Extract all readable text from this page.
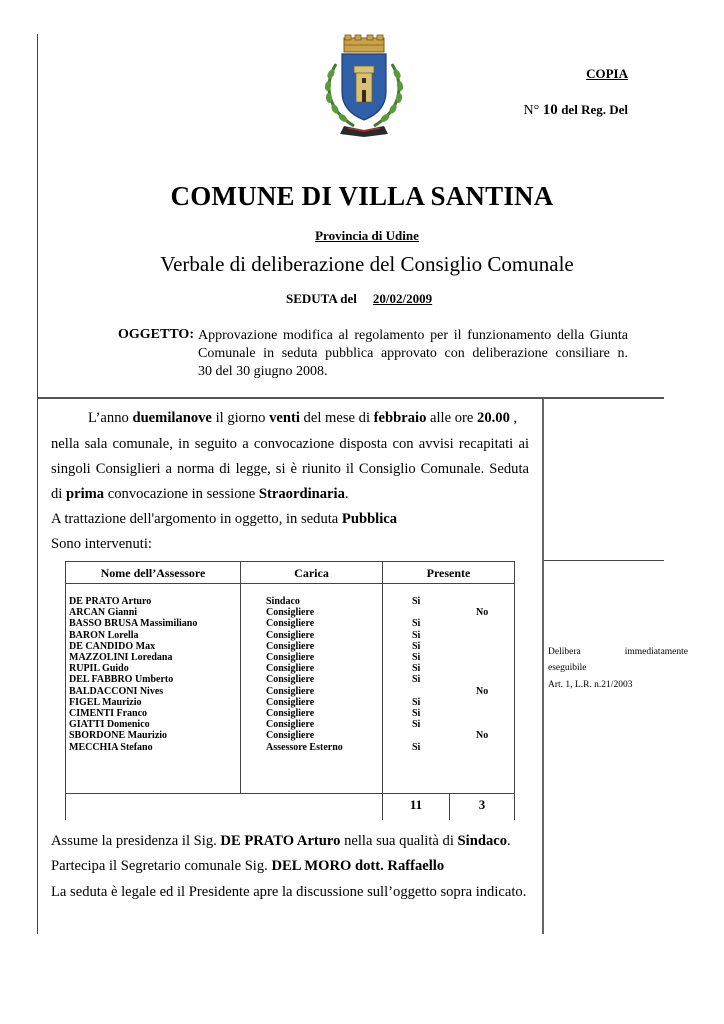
COPIA
N° 10 del Reg. Del
COMUNE DI VILLA SANTINA
Provincia di Udine
Verbale di deliberazione del Consiglio Comunale
SEDUTA del 20/02/2009
OGGETTO: Approvazione modifica al regolamento per il funzionamento della Giunta
Comunale in seduta pubblica approvato con deliberazione consiliare n.
30 del 30 giugno 2008.
L’anno duemilanove il giorno venti del mese di febbraio alle ore 20.00 ,
nella sala comunale, in seguito a convocazione disposta con avvisi recapitati ai
singoli Consiglieri a norma di legge, si è riunito il Consiglio Comunale. Seduta
di prima convocazione in sessione Straordinaria.
A trattazione dell'argomento in oggetto, in seduta Pubblica
Sono intervenuti:
Nome dell’Assessore	Carica	Presente
DE PRATO Arturo	Sindaco	Si
ARCAN Gianni	Consigliere	No
BASSO BRUSA Massimiliano	Consigliere	Si
BARON Lorella	Consigliere	Si
DE CANDIDO Max	Consigliere	Si
MAZZOLINI Loredana	Consigliere	Si
RUPIL Guido	Consigliere	Si
DEL FABBRO Umberto	Consigliere	Si
BALDACCONI Nives	Consigliere	No
FIGEL Maurizio	Consigliere	Si
CIMENTI Franco	Consigliere	Si
GIATTI Domenico	Consigliere	Si
SBORDONE Maurizio	Consigliere	No
MECCHIA Stefano	Assessore Esterno	Si
11	3
Delibera	immediatamente
eseguibile
Art. 1, L.R. n.21/2003
Assume la presidenza il Sig. DE PRATO Arturo nella sua qualità di Sindaco.
Partecipa il Segretario comunale Sig. DEL MORO dott. Raffaello
La seduta è legale ed il Presidente apre la discussione sull’oggetto sopra indicato.
